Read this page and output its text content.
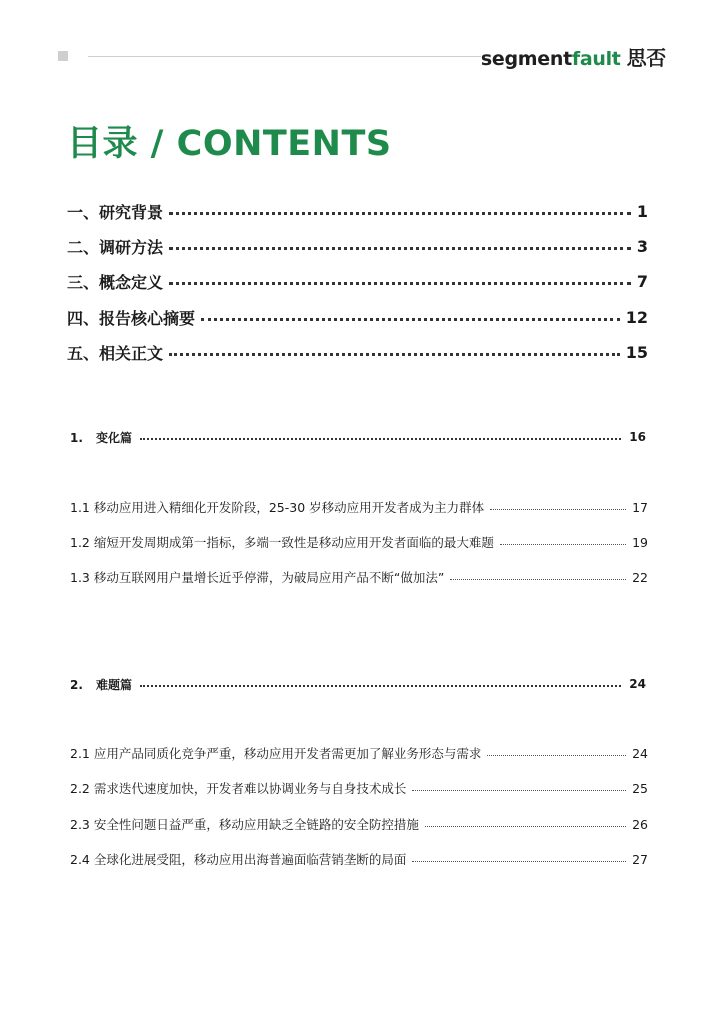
segmentfault 思否
目录 / CONTENTS
一、研究背景	1
二、调研方法	3
三、概念定义	7
四、报告核心摘要	12
五、相关正文	15
1. 变化篇	16
1.1 移动应用进入精细化开发阶段，25-30 岁移动应用开发者成为主力群体	17
1.2 缩短开发周期成第一指标，多端一致性是移动应用开发者面临的最大难题	19
1.3 移动互联网用户量增长近乎停滞，为破局应用产品不断“做加法”	22
2. 难题篇	24
2.1 应用产品同质化竞争严重，移动应用开发者需更加了解业务形态与需求	24
2.2 需求迭代速度加快，开发者难以协调业务与自身技术成长	25
2.3 安全性问题日益严重，移动应用缺乏全链路的安全防控措施	26
2.4 全球化进展受阻，移动应用出海普遍面临营销垄断的局面	27
